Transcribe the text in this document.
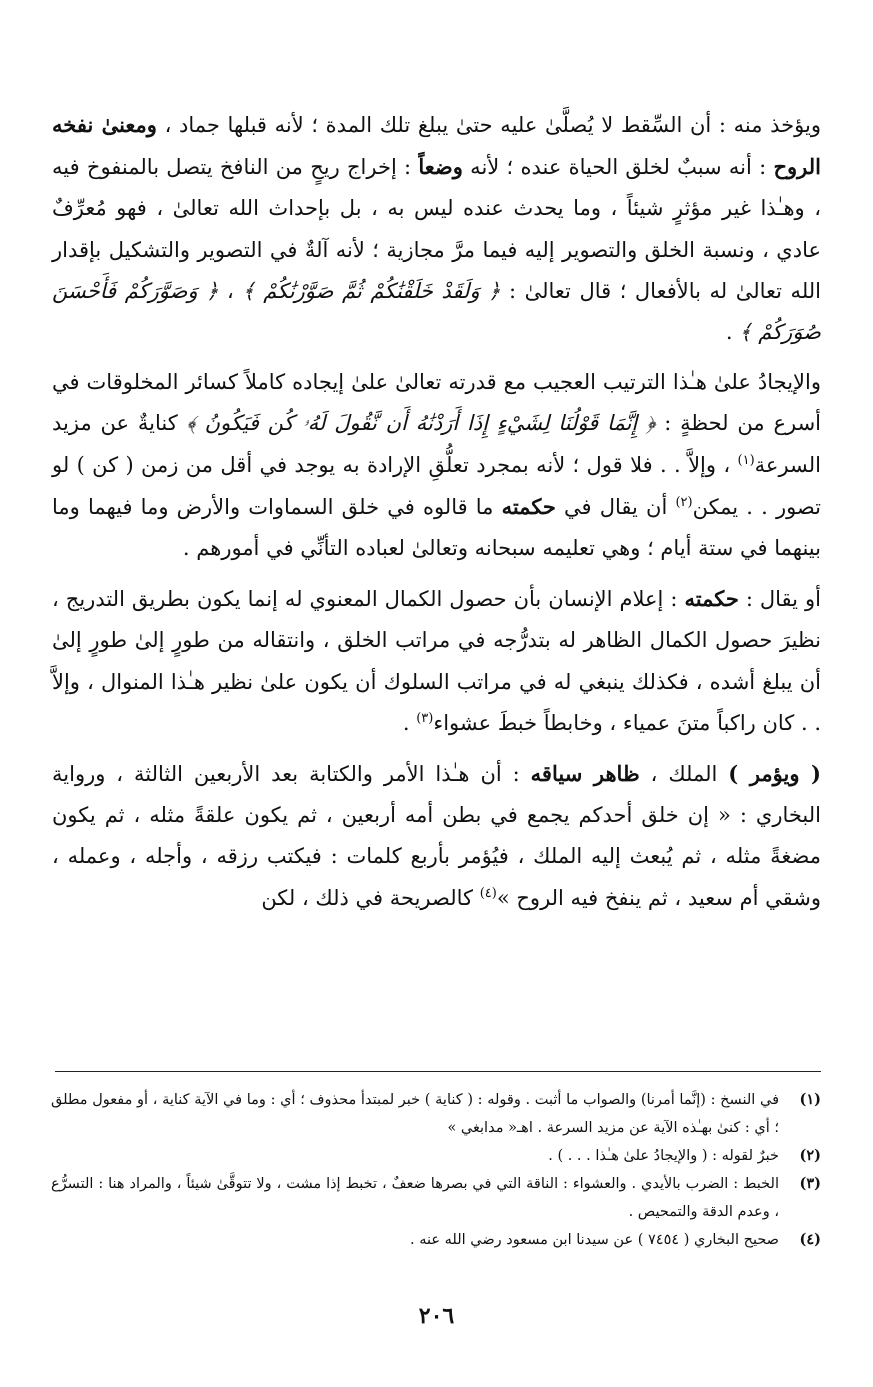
ويؤخذ منه : أن السِّقط لا يُصلَّىٰ عليه حتىٰ يبلغ تلك المدة ؛ لأنه قبلها جماد ، ومعنىٰ نفخه الروح : أنه سببٌ لخلق الحياة عنده ؛ لأنه وضعاً : إخراج ريحٍ من النافخ يتصل بالمنفوخ فيه ، وهـٰذا غير مؤثرٍ شيئاً ، وما يحدث عنده ليس به ، بل بإحداث الله تعالىٰ ، فهو مُعرِّفٌ عادي ، ونسبة الخلق والتصوير إليه فيما مرَّ مجازية ؛ لأنه آلةٌ في التصوير والتشكيل بإقدار الله تعالىٰ له بالأفعال ؛ قال تعالىٰ : ﴿ وَلَقَدْ خَلَقْنَٰكُمْ ثُمَّ صَوَّرْنَٰكُمْ ﴾ ، ﴿ وَصَوَّرَكُمْ فَأَحْسَنَ صُوَرَكُمْ ﴾ .

والإيجادُ علىٰ هـٰذا الترتيب العجيب مع قدرته تعالىٰ علىٰ إيجاده كاملاً كسائر المخلوقات في أسرع من لحظةٍ : ﴿ إِنَّمَا قَوْلُنَا لِشَيْءٍ إِذَا أَرَدْنَٰهُ أَن نَّقُولَ لَهُۥ كُن فَيَكُونُ ﴾ كنايةٌ عن مزيد السرعة$^{(١)}$ ، وإلاَّ . . فلا قول ؛ لأنه بمجرد تعلُّقِ الإرادة به يوجد في أقل من زمن ( كن ) لو تصور . . يمكن$^{(٢)}$ أن يقال في حكمته ما قالوه في خلق السماوات والأرض وما فيهما وما بينهما في ستة أيام ؛ وهي تعليمه سبحانه وتعالىٰ لعباده التأنِّي في أمورهم .

أو يقال : حكمته : إعلام الإنسان بأن حصول الكمال المعنوي له إنما يكون بطريق التدريج ، نظيرَ حصول الكمال الظاهر له بتدرُّجه في مراتب الخلق ، وانتقاله من طورٍ إلىٰ طورٍ إلىٰ أن يبلغ أشده ، فكذلك ينبغي له في مراتب السلوك أن يكون علىٰ نظير هـٰذا المنوال ، وإلاَّ . . كان راكباً متنَ عمياء ، وخابطاً خبطَ عشواء$^{(٣)}$ .

( ويؤمر ) الملك ، ظاهر سياقه : أن هـٰذا الأمر والكتابة بعد الأربعين الثالثة ، ورواية البخاري : « إن خلق أحدكم يجمع في بطن أمه أربعين ، ثم يكون علقةً مثله ، ثم يكون مضغةً مثله ، ثم يُبعث إليه الملك ، فيُؤمر بأربع كلمات : فيكتب رزقه ، وأجله ، وعمله ، وشقي أم سعيد ، ثم ينفخ فيه الروح »$^{(٤)}$ كالصريحة في ذلك ، لكن

(١)
في النسخ : (إنَّما أمرنا) والصواب ما أثبت . وقوله : ( كناية ) خبر لمبتدأ محذوف ؛ أي : وما في الآية كناية ، أو مفعول مطلق ؛ أي : كنىٰ بهـٰذه الآية عن مزيد السرعة . اهـ« مدابغي »
(٢)
خبرٌ لقوله : ( والإيجادُ علىٰ هـٰذا . . . ) .
(٣)
الخبط : الضرب بالأيدي . والعشواء : الناقة التي في بصرها ضعفٌ ، تخبط إذا مشت ، ولا تتوقَّىٰ شيئاً ، والمراد هنا : التسرُّع ، وعدم الدقة والتمحيص .
(٤)
صحيح البخاري ( ٧٤٥٤ ) عن سيدنا ابن مسعود رضي الله عنه .
٢٠٦
